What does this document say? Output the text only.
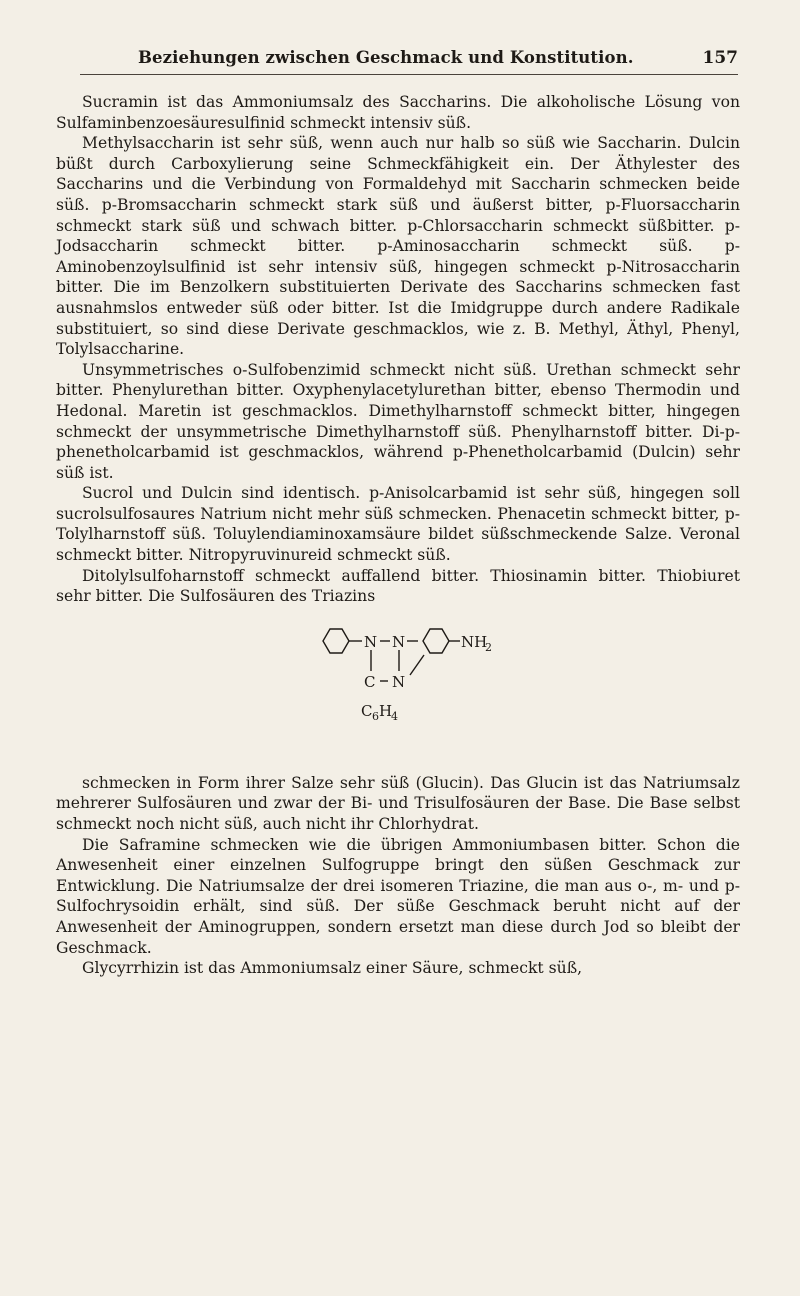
Beziehungen zwischen Geschmack und Konstitution.	157

Sucramin ist das Ammoniumsalz des Saccharins. Die alkoholische Lösung von Sulfaminbenzoesäuresulfinid schmeckt intensiv süß.

Methylsaccharin ist sehr süß, wenn auch nur halb so süß wie Saccharin. Dulcin büßt durch Carboxylierung seine Schmeckfähigkeit ein. Der Äthylester des Saccharins und die Verbindung von Formaldehyd mit Saccharin schmecken beide süß. p-Bromsaccharin schmeckt stark süß und äußerst bitter, p-Fluorsaccharin schmeckt stark süß und schwach bitter. p-Chlorsaccharin schmeckt süßbitter. p-Jodsaccharin schmeckt bitter. p-Aminosaccharin schmeckt süß. p-Aminobenzoylsulfinid ist sehr intensiv süß, hingegen schmeckt p-Nitrosaccharin bitter. Die im Benzolkern substituierten Derivate des Saccharins schmecken fast ausnahmslos entweder süß oder bitter. Ist die Imidgruppe durch andere Radikale substituiert, so sind diese Derivate geschmacklos, wie z. B. Methyl, Äthyl, Phenyl, Tolylsaccharine.

Unsymmetrisches o-Sulfobenzimid schmeckt nicht süß. Urethan schmeckt sehr bitter. Phenylurethan bitter. Oxyphenylacetylurethan bitter, ebenso Thermodin und Hedonal. Maretin ist geschmacklos. Dimethylharnstoff schmeckt bitter, hingegen schmeckt der unsymmetrische Dimethylharnstoff süß. Phenylharnstoff bitter. Di-p-phenetholcarbamid ist geschmacklos, während p-Phenetholcarbamid (Dulcin) sehr süß ist.

Sucrol und Dulcin sind identisch. p-Anisolcarbamid ist sehr süß, hingegen soll sucrolsulfosaures Natrium nicht mehr süß schmecken. Phenacetin schmeckt bitter, p-Tolylharnstoff süß. Toluylendiaminoxamsäure bildet süßschmeckende Salze. Veronal schmeckt bitter. Nitropyruvinureid schmeckt süß.

Ditolylsulfoharnstoff schmeckt auffallend bitter. Thiosinamin bitter. Thiobiuret sehr bitter. Die Sulfosäuren des Triazins

N N	NH
2
C N
C 6 H
4

schmecken in Form ihrer Salze sehr süß (Glucin). Das Glucin ist das Natriumsalz mehrerer Sulfosäuren und zwar der Bi- und Trisulfosäuren der Base. Die Base selbst schmeckt noch nicht süß, auch nicht ihr Chlorhydrat.

Die Saframine schmecken wie die übrigen Ammoniumbasen bitter. Schon die Anwesenheit einer einzelnen Sulfogruppe bringt den süßen Geschmack zur Entwicklung. Die Natriumsalze der drei isomeren Triazine, die man aus o-, m- und p-Sulfochrysoidin erhält, sind süß. Der süße Geschmack beruht nicht auf der Anwesenheit der Aminogruppen, sondern ersetzt man diese durch Jod so bleibt der Geschmack.

Glycyrrhizin ist das Ammoniumsalz einer Säure, schmeckt süß,
